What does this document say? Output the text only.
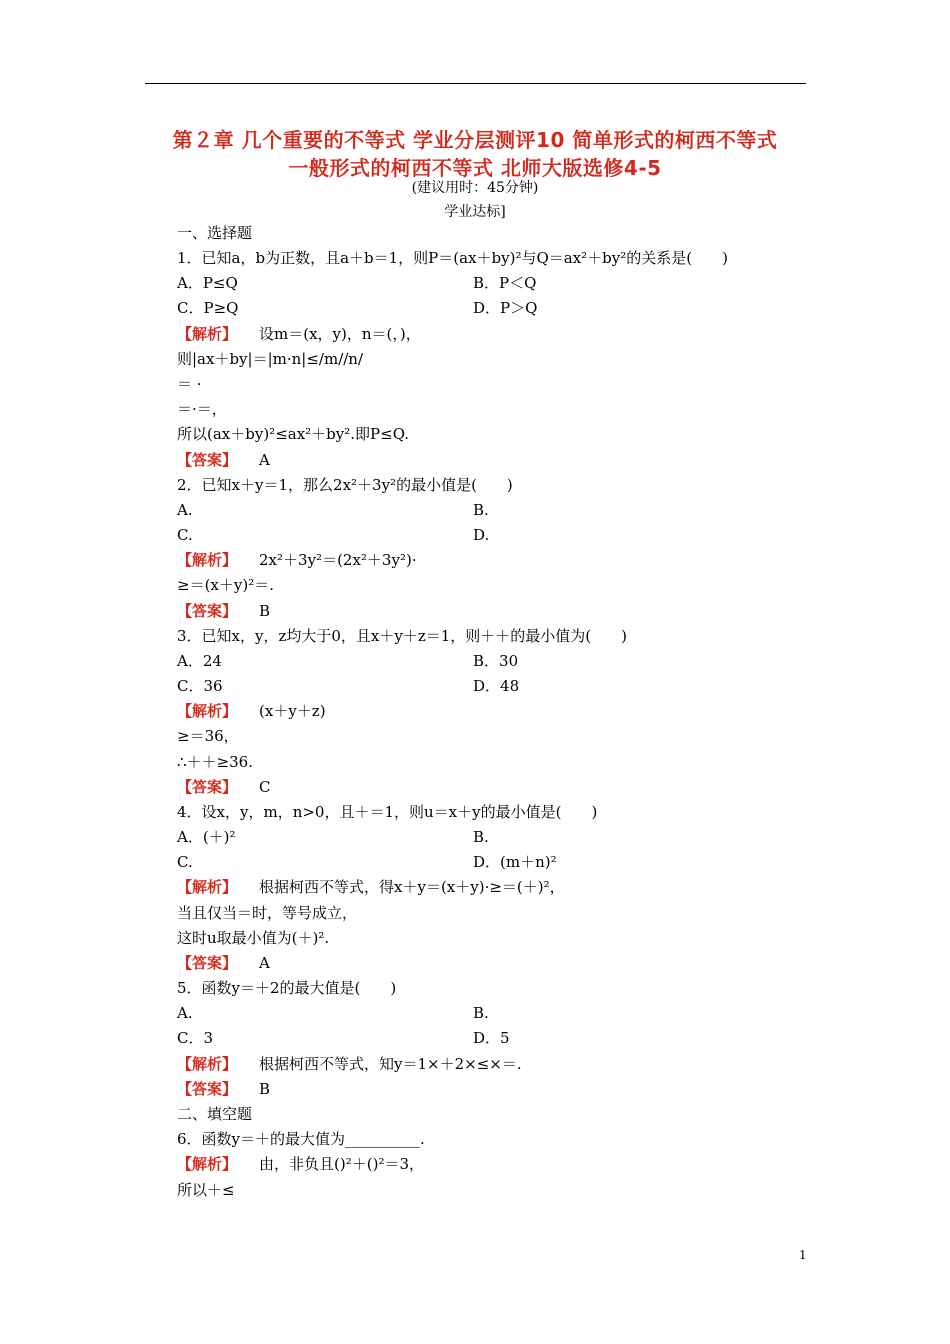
第２章 几个重要的不等式 学业分层测评10 简单形式的柯西不等式
一般形式的柯西不等式 北师大版选修4-5
(建议用时：45分钟)
学业达标]
一、选择题
1．已知a，b为正数，且a＋b＝1，则P＝(ax＋by)²与Q＝ax²＋by²的关系是(　　)
A．P≤Q	B．P＜Q
C．P≥Q	D．P＞Q
【解析】 设m＝(x，y)，n＝(，)，
则|ax＋by|＝|m·n|≤/m//n/
＝ ·
＝·＝，
所以(ax＋by)²≤ax²＋by².即P≤Q.
【答案】 A
2．已知x＋y＝1，那么2x²＋3y²的最小值是(　　)
A.	B.
C.	D.
【解析】 2x²＋3y²＝(2x²＋3y²)·
≥＝(x＋y)²＝.
【答案】 B
3．已知x，y，z均大于0，且x＋y＋z＝1，则＋＋的最小值为(　　)
A．24	B．30
C．36	D．48
【解析】 (x＋y＋z)
≥＝36，
∴＋＋≥36.
【答案】 C
4．设x，y，m，n>0，且＋＝1，则u＝x＋y的最小值是(　　)
A．(＋)²	B.
C.	D．(m＋n)²
【解析】 根据柯西不等式，得x＋y＝(x＋y)·≥＝(＋)²，
当且仅当＝时，等号成立，
这时u取最小值为(＋)².
【答案】 A
5．函数y＝＋2的最大值是(　　)
A.	B.
C．3	D．5
【解析】 根据柯西不等式，知y＝1×＋2×≤×＝.
【答案】 B
二、填空题
6．函数y＝＋的最大值为__________.
【解析】 由，非负且()²＋()²＝3，
所以＋≤
1
